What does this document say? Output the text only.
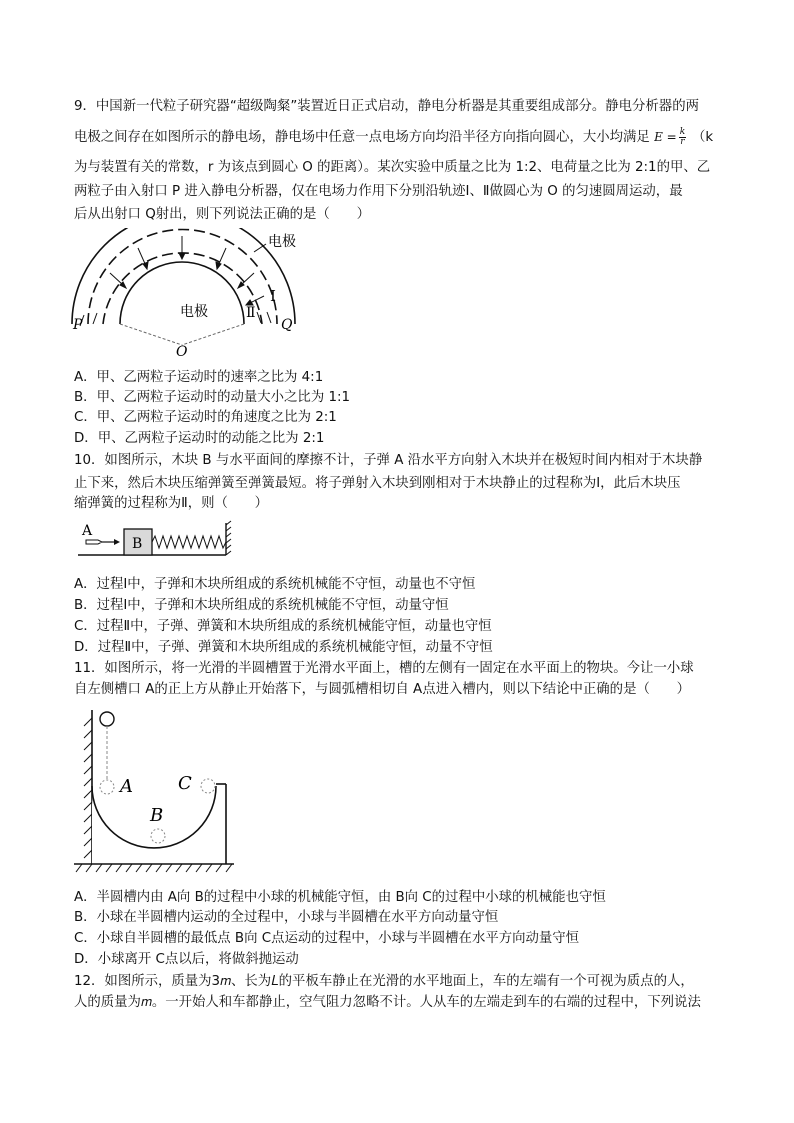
9．中国新一代粒子研究器“超级陶粲”装置近日正式启动，静电分析器是其重要组成部分。静电分析器的两
电极之间存在如图所示的静电场，静电场中任意一点电场方向均沿半径方向指向圆心，大小均满足 $E = \frac{k}{r} (k$
为与装置有关的常数，r 为该点到圆心 O 的距离）。某次实验中质量之比为 1:2、电荷量之比为 2:1的甲、乙
两粒子由入射口 P 进入静电分析器，仅在电场力作用下分别沿轨迹Ⅰ、Ⅱ做圆心为 O 的匀速圆周运动，最
后从出射口 Q射出，则下列说法正确的是（　　）
电极
电极
Ⅰ
Ⅱ
P	Q
O
A．甲、乙两粒子运动时的速率之比为 4:1
B．甲、乙两粒子运动时的动量大小之比为 1:1
C．甲、乙两粒子运动时的角速度之比为 2:1
D．甲、乙两粒子运动时的动能之比为 2:1
10．如图所示，木块 B 与水平面间的摩擦不计，子弹 A 沿水平方向射入木块并在极短时间内相对于木块静
止下来，然后木块压缩弹簧至弹簧最短。将子弹射入木块到刚相对于木块静止的过程称为Ⅰ，此后木块压
缩弹簧的过程称为Ⅱ，则（　　）
B
A
A．过程Ⅰ中，子弹和木块所组成的系统机械能不守恒，动量也不守恒
B．过程Ⅰ中，子弹和木块所组成的系统机械能不守恒，动量守恒
C．过程Ⅱ中，子弹、弹簧和木块所组成的系统机械能守恒，动量也守恒
D．过程Ⅱ中，子弹、弹簧和木块所组成的系统机械能守恒，动量不守恒
11．如图所示，将一光滑的半圆槽置于光滑水平面上，槽的左侧有一固定在水平面上的物块。今让一小球
自左侧槽口 A的正上方从静止开始落下，与圆弧槽相切自 A点进入槽内，则以下结论中正确的是（　　）
A
B
C
A．半圆槽内由 A向 B的过程中小球的机械能守恒，由 B向 C的过程中小球的机械能也守恒
B．小球在半圆槽内运动的全过程中，小球与半圆槽在水平方向动量守恒
C．小球自半圆槽的最低点 B向 C点运动的过程中，小球与半圆槽在水平方向动量守恒
D．小球离开 C点以后，将做斜抛运动
12．如图所示，质量为3𝑚、长为𝐿的平板车静止在光滑的水平地面上，车的左端有一个可视为质点的人，
人的质量为𝑚。一开始人和车都静止，空气阻力忽略不计。人从车的左端走到车的右端的过程中，下列说法
